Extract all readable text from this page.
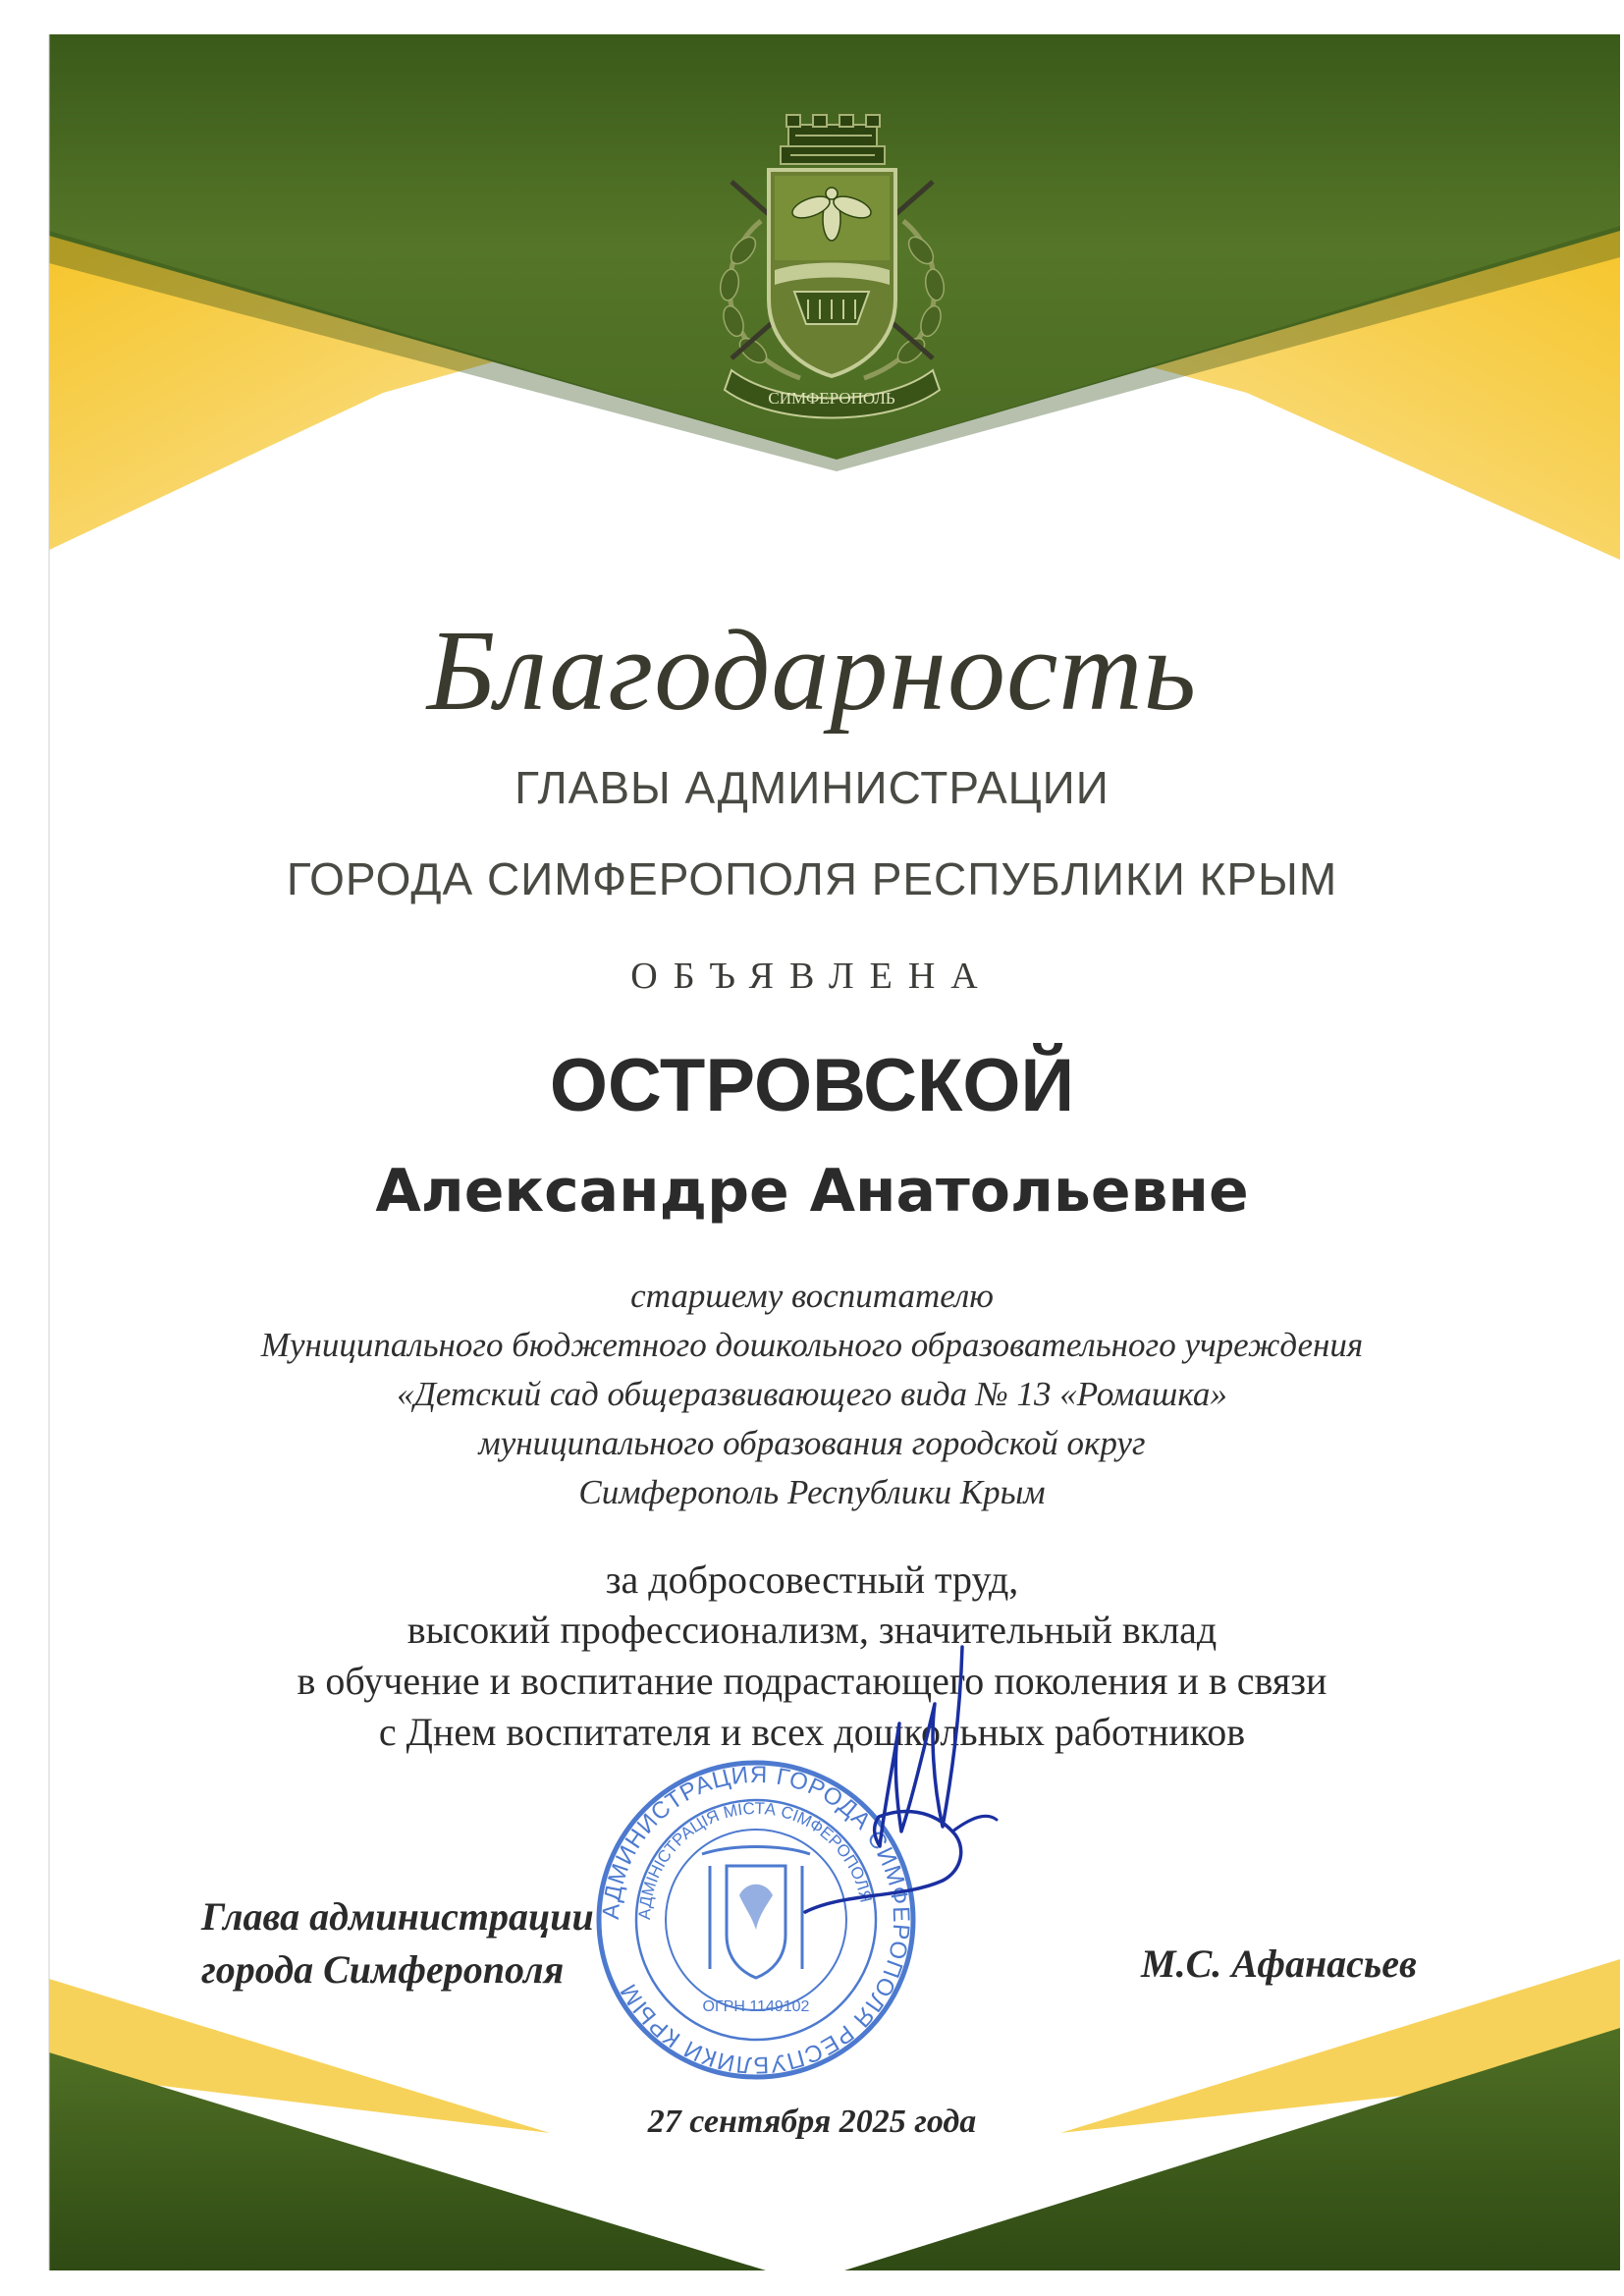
СИМФЕРОПОЛЬ
Благодарность
ГЛАВЫ АДМИНИСТРАЦИИ
ГОРОДА СИМФЕРОПОЛЯ РЕСПУБЛИКИ КРЫМ
ОБЪЯВЛЕНА
ОСТРОВСКОЙ
Александре Анатольевне
старшему воспитателю
Муниципального бюджетного дошкольного образовательного учреждения
«Детский сад общеразвивающего вида № 13 «Ромашка»
муниципального образования городской округ
Симферополь Республики Крым
за добросовестный труд,
высокий профессионализм, значительный вклад
в обучение и воспитание подрастающего поколения и в связи
с Днем воспитателя и всех дошкольных работников
АДМИНИСТРАЦИЯ ГОРОДА СИМФЕРОПОЛЯ РЕСПУБЛИКИ КРЫМ
АДМІНІСТРАЦІЯ МІСТА СІМФЕРОПОЛЯ
ОГРН 1149102
Глава администрации
города Симферополя	М.С. Афанасьев
27 сентября 2025 года
